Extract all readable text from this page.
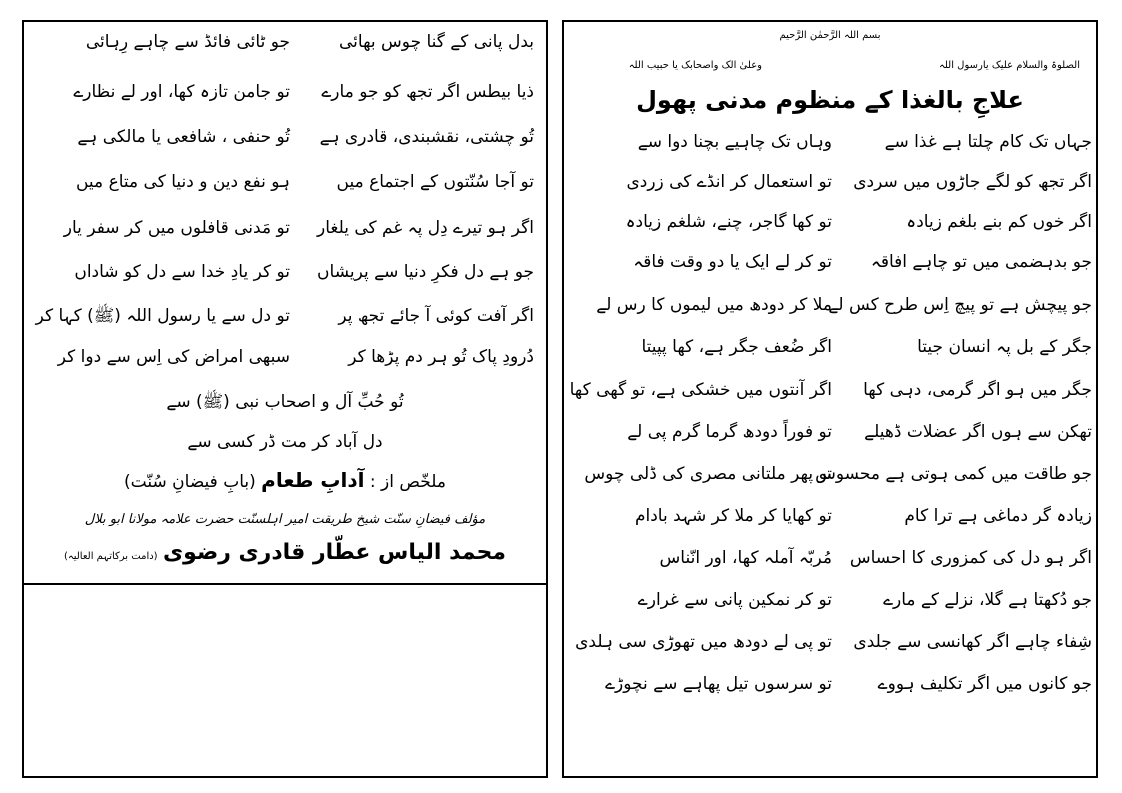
بسم اللہ الرَّحمٰن الرَّحیم
الصلوۃ والسلام علیک یارسول اللہ
وعلیٰ الک واصحابک یا حبیب اللہ
علاجِ بالغذا کے منظوم مدنی پھول
جہاں تک کام چلتا ہے غذا سے
اگر تجھ کو لگے جاڑوں میں سردی
اگر خوں کم بنے بلغم زیادہ
جو بدہضمی میں تو چاہے افاقہ
جو پیچش ہے تو پیچ اِس طرح کس لے
جگر کے بل پہ انسان جیتا
جگر میں ہو اگر گرمی، دہی کھا
تھکن سے ہوں اگر عضلات ڈھیلے
جو طاقت میں کمی ہوتی ہے محسوس
زیادہ گر دماغی ہے ترا کام
اگر ہو دل کی کمزوری کا احساس
جو دُکھتا ہے گلا، نزلے کے مارے
شِفاء چاہے اگر کھانسی سے جلدی
جو کانوں میں اگر تکلیف ہووے
وہاں تک چاہیے بچنا دوا سے
تو استعمال کر انڈے کی زردی
تو کھا گاجر، چنے، شلغم زیادہ
تو کر لے ایک یا دو وقت فاقہ
ملا کر دودھ میں لیموں کا رس لے
اگر ضُعف جگر ہے، کھا پپیتا
اگر آنتوں میں خشکی ہے، تو گھی کھا
تو فوراً دودھ گرما گرم پی لے
تو پھر ملتانی مصری کی ڈلی چوس
تو کھایا کر ملا کر شہد بادام
مُربّہ آملہ کھا، اور انّناس
تو کر نمکین پانی سے غرارے
تو پی لے دودھ میں تھوڑی سی ہلدی
تو سرسوں تیل پھاہے سے نچوڑے
بدل پانی کے گنا چوس بھائی
ذیا بیطس اگر تجھ کو جو مارے
تُو چشتی، نقشبندی، قادری ہے
تو آجا سُنّتوں کے اجتماع میں
اگر ہو تیرے دِل پہ غم کی یلغار
جو ہے دل فکرِ دنیا سے پریشاں
اگر آفت کوئی آ جائے تجھ پر
دُرودِ پاک تُو ہر دم پڑھا کر
جو ٹائی فائڈ سے چاہے رِہائی
تو جامن تازہ کھا، اور لے نظارے
تُو حنفی ، شافعی یا مالکی ہے
ہو نفع دین و دنیا کی متاع میں
تو مَدنی قافلوں میں کر سفر یار
تو کر یادِ خدا سے دل کو شاداں
تو دل سے یا رسول اللہ (ﷺ) کہا کر
سبھی امراض کی اِس سے دوا کر
تُو حُبِّ آل و اصحاب نبی (ﷺ) سے
دل آباد کر مت ڈر کسی سے
ملخّص از : آدابِ طعام (بابِ فیضانِ سُنّت)
مؤلف فیضانِ سنّت شیخ طریقت امیر اہلسنّت حضرت علامہ مولانا ابو بلال
محمد الیاس عطّار قادری رضوی (دامت برکاتہم العالیہ)
